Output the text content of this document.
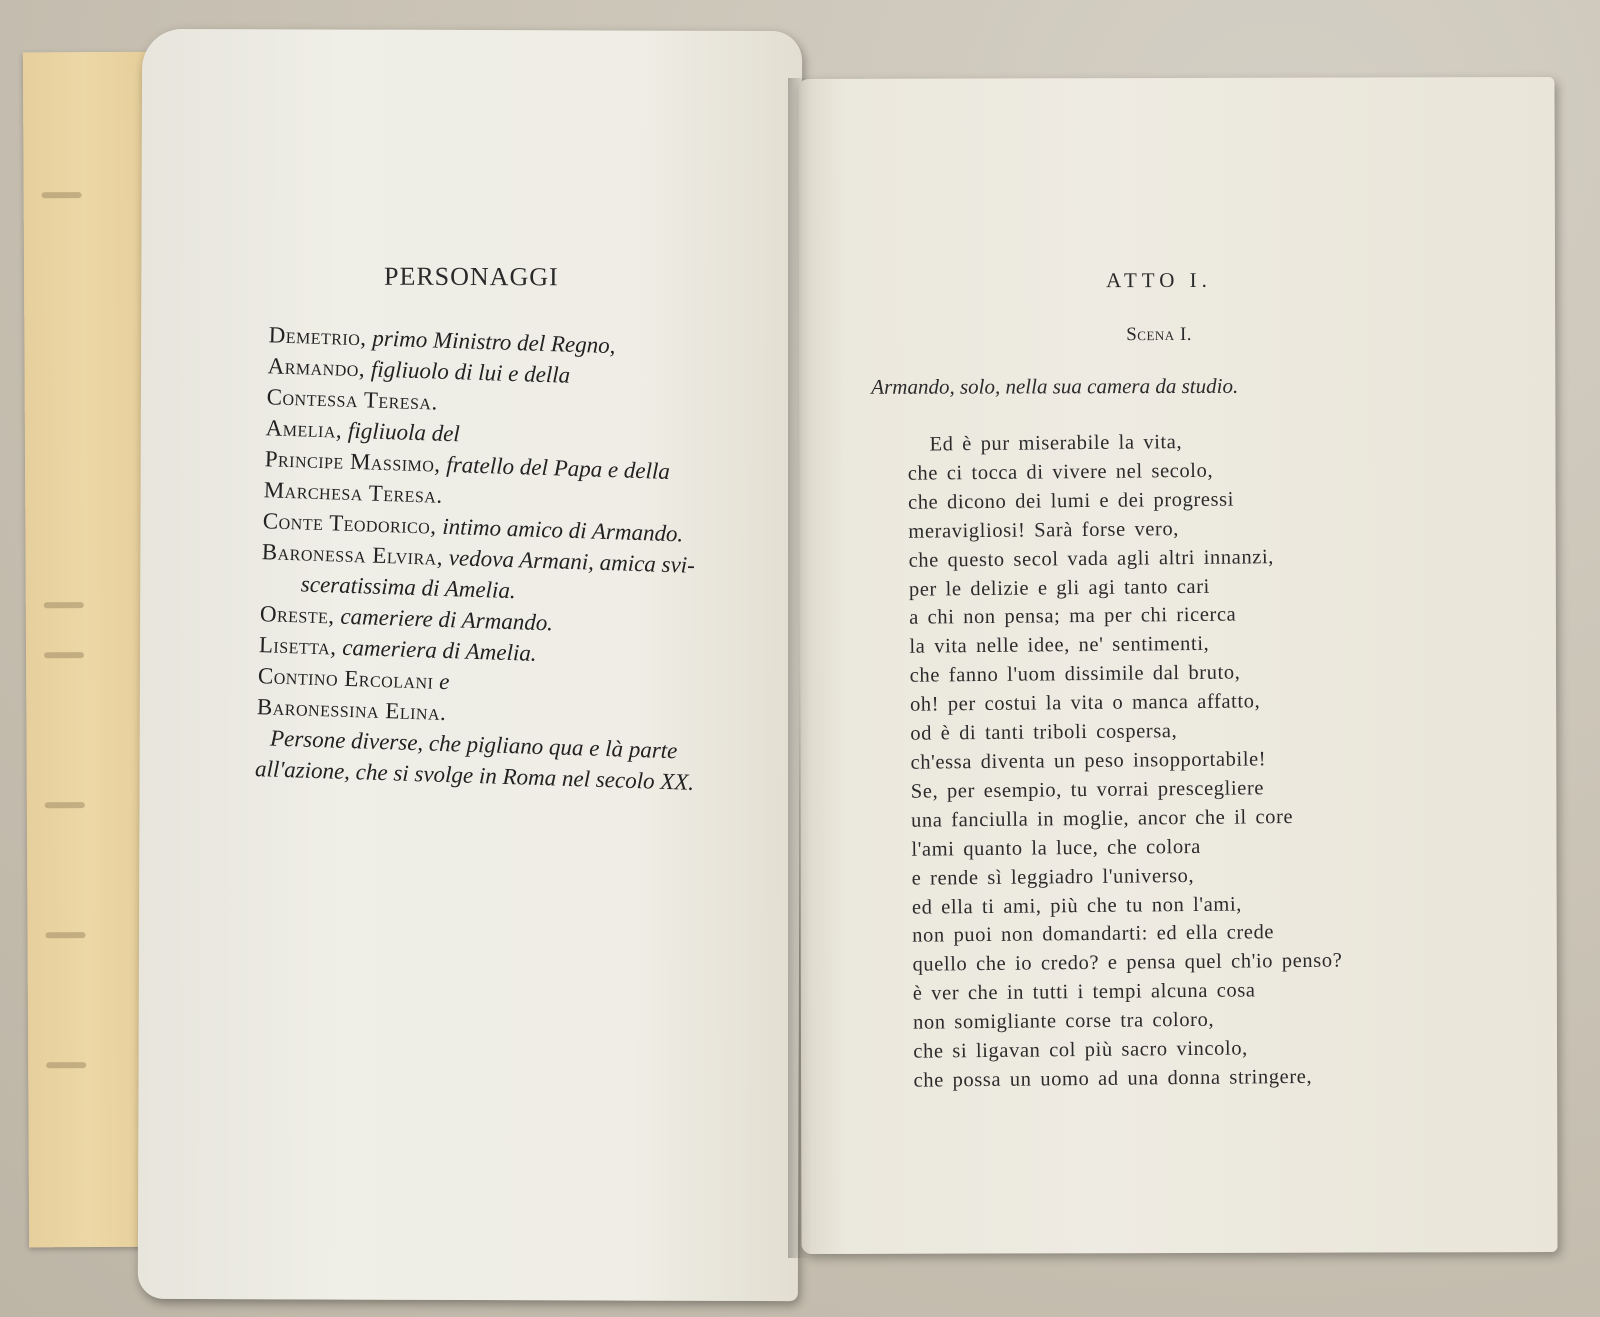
​
PERSONAGGI
Demetrio, primo Ministro del Regno,
Armando, figliuolo di lui e della
Contessa Teresa.
Amelia, figliuola del
Principe Massimo, fratello del Papa e della
Marchesa Teresa.
Conte Teodorico, intimo amico di Armando.
Baronessa Elvira, vedova Armani, amica svi-
sceratissima di Amelia.
Oreste, cameriere di Armando.
Lisetta, cameriera di Amelia.
Contino Ercolani e
Baronessina Elina.
Persone diverse, che pigliano qua e là parte
all'azione, che si svolge in Roma nel secolo XX.
ATTO I.
Scena I.
Armando, solo, nella sua camera da studio.
Ed è pur miserabile la vita,
che ci tocca di vivere nel secolo,
che dicono dei lumi e dei progressi
meravigliosi! Sarà forse vero,
che questo secol vada agli altri innanzi,
per le delizie e gli agi tanto cari
a chi non pensa; ma per chi ricerca
la vita nelle idee, ne' sentimenti,
che fanno l'uom dissimile dal bruto,
oh! per costui la vita o manca affatto,
od è di tanti triboli cospersa,
ch'essa diventa un peso insopportabile!
Se, per esempio, tu vorrai prescegliere
una fanciulla in moglie, ancor che il core
l'ami quanto la luce, che colora
e rende sì leggiadro l'universo,
ed ella ti ami, più che tu non l'ami,
non puoi non domandarti: ed ella crede
quello che io credo? e pensa quel ch'io penso?
è ver che in tutti i tempi alcuna cosa
non somigliante corse tra coloro,
che si ligavan col più sacro vincolo,
che possa un uomo ad una donna stringere,
